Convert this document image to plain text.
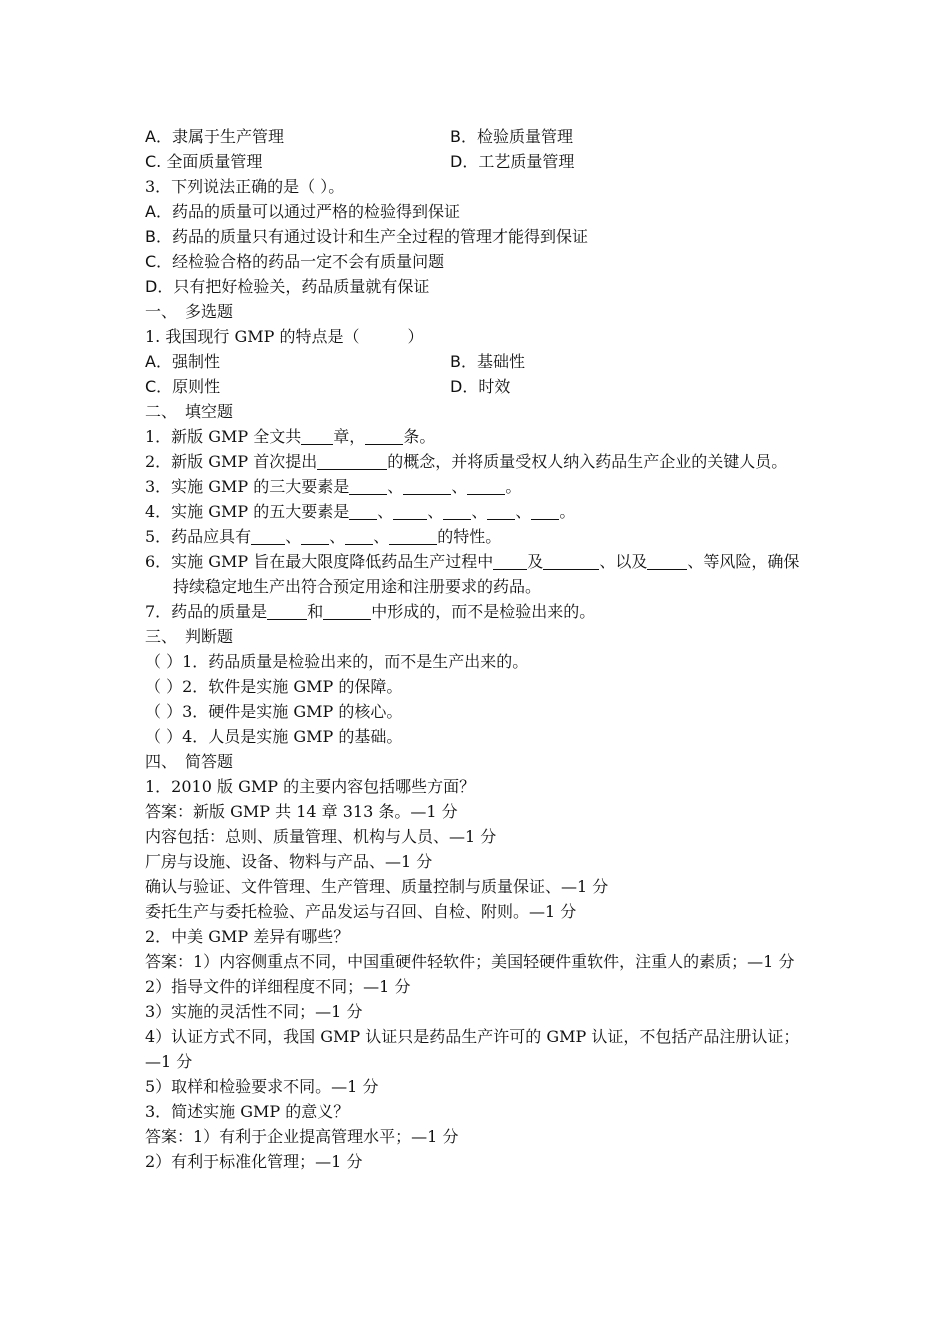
A．隶属于生产管理	B．检验质量管理
C. 全面质量管理	D．工艺质量管理
3．下列说法正确的是（ ）。
A．药品的质量可以通过严格的检验得到保证
B．药品的质量只有通过设计和生产全过程的管理才能得到保证
C．经检验合格的药品一定不会有质量问题
D．只有把好检验关，药品质量就有保证
一、　多选题
1. 我国现行 GMP 的特点是（　　　）
A．强制性	B．基础性
C．原则性	D．时效
二、　填空题
1．新版 GMP 全文共 章， 条。
2．新版 GMP 首次提出	的概念，并将质量受权人纳入药品生产企业的关键人员。
3．实施 GMP 的三大要素是 、	、 。
4．实施 GMP 的五大要素是 、 、 、 、 。
5．药品应具有 、 、 、	的特性。
6．实施 GMP 旨在最大限度降低药品生产过程中 及	、以及	、等风险，确保持续稳定地生产出符合预定用途和注册要求的药品。
7．药品的质量是	和	中形成的，而不是检验出来的。
三、　判断题
（ ）1．药品质量是检验出来的，而不是生产出来的。
（ ）2．软件是实施 GMP 的保障。
（ ）3．硬件是实施 GMP 的核心。
（ ）4．人员是实施 GMP 的基础。
四、　简答题
1．2010 版 GMP 的主要内容包括哪些方面？
答案：新版 GMP 共 14 章 313 条。—1 分
内容包括：总则、质量管理、机构与人员、—1 分
厂房与设施、设备、物料与产品、—1 分
确认与验证、文件管理、生产管理、质量控制与质量保证、—1 分
委托生产与委托检验、产品发运与召回、自检、附则。—1 分
2．中美 GMP 差异有哪些？
答案：1）内容侧重点不同，中国重硬件轻软件；美国轻硬件重软件，注重人的素质；—1 分
2）指导文件的详细程度不同；—1 分
3）实施的灵活性不同；—1 分
4）认证方式不同，我国 GMP 认证只是药品生产许可的 GMP 认证，不包括产品注册认证；　—1 分
5）取样和检验要求不同。—1 分
3．简述实施 GMP 的意义？
答案：1）有利于企业提高管理水平；—1 分
2）有利于标准化管理；—1 分
